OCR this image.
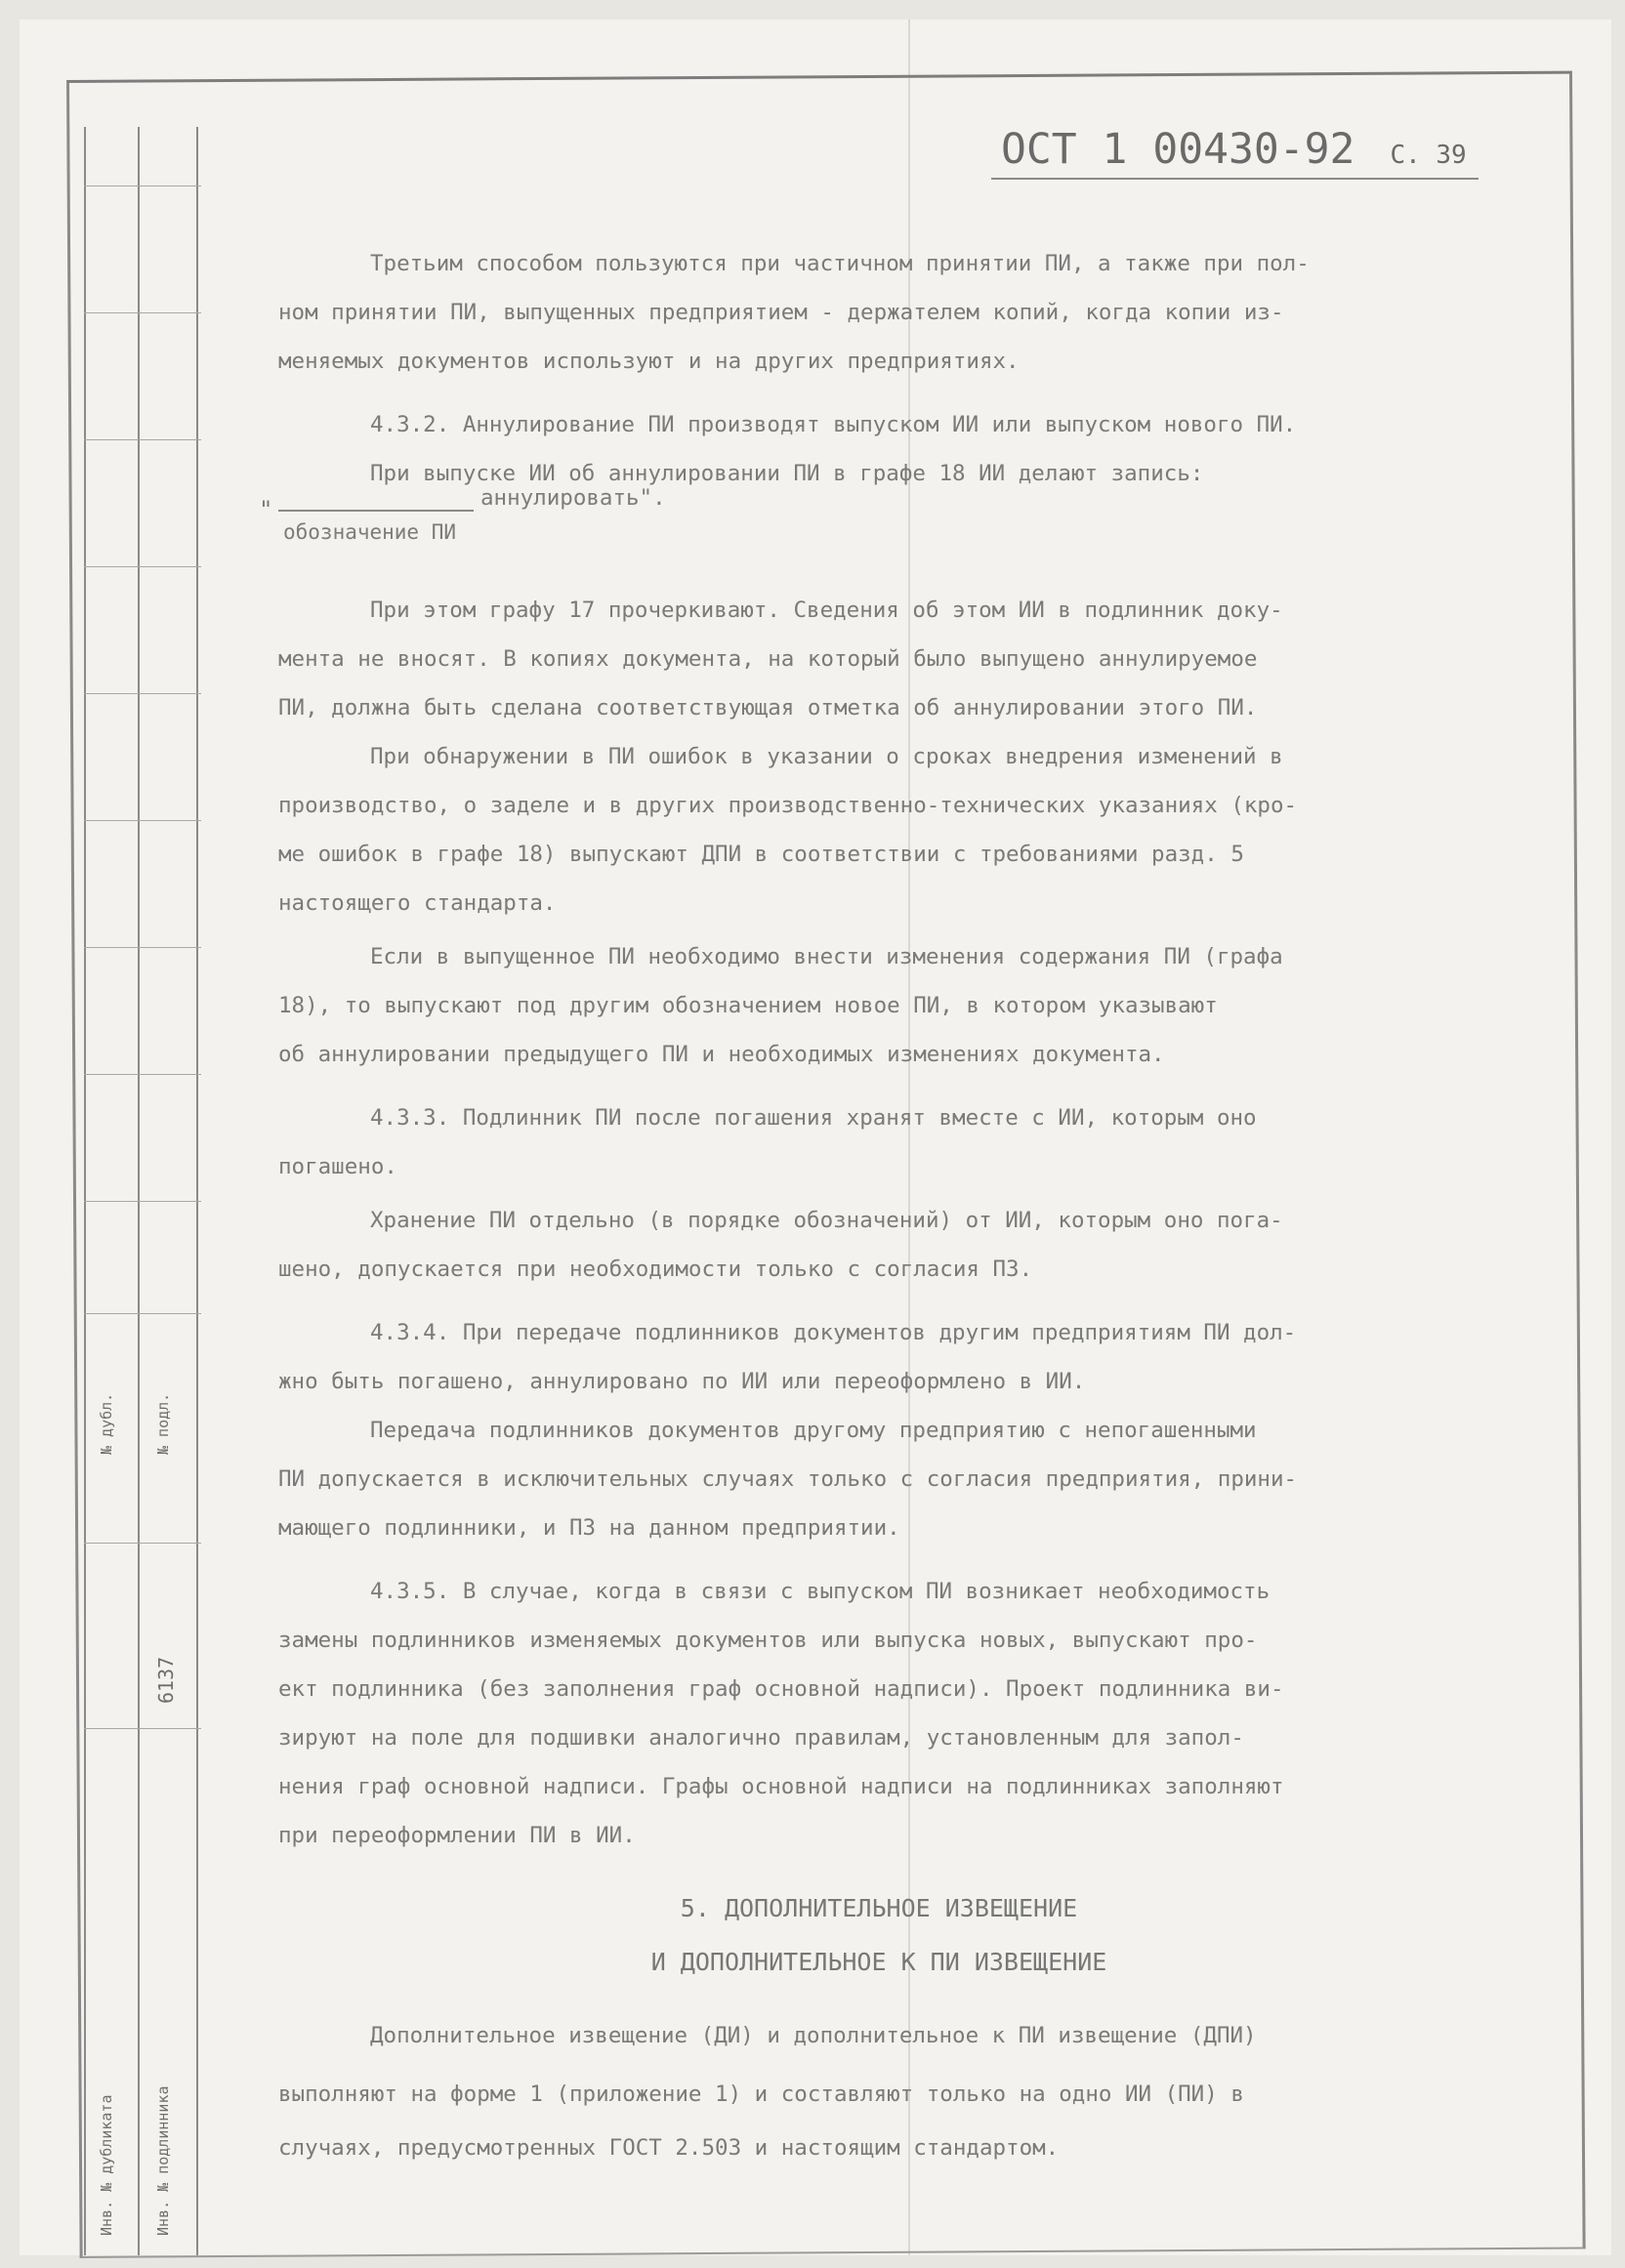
№ дубл.	№ подл.
6137
Инв. № дубликата	Инв. № подлинника
ОСТ 1 00430-92 С. 39
Третьим способом пользуются при частичном принятии ПИ, а также при пол-
ном принятии ПИ, выпущенных предприятием - держателем копий, когда копии из-
меняемых документов используют и на других предприятиях.
4.3.2. Аннулирование ПИ производят выпуском ИИ или выпуском нового ПИ.
При выпуске ИИ об аннулировании ПИ в графе 18 ИИ делают запись:
"	аннулировать".
обозначение ПИ
При этом графу 17 прочеркивают. Сведения об этом ИИ в подлинник доку-
мента не вносят. В копиях документа, на который было выпущено аннулируемое
ПИ, должна быть сделана соответствующая отметка об аннулировании этого ПИ.
При обнаружении в ПИ ошибок в указании о сроках внедрения изменений в
производство, о заделе и в других производственно-технических указаниях (кро-
ме ошибок в графе 18) выпускают ДПИ в соответствии с требованиями разд. 5
настоящего стандарта.
Если в выпущенное ПИ необходимо внести изменения содержания ПИ (графа
18), то выпускают под другим обозначением новое ПИ, в котором указывают
об аннулировании предыдущего ПИ и необходимых изменениях документа.
4.3.3. Подлинник ПИ после погашения хранят вместе с ИИ, которым оно
погашено.
Хранение ПИ отдельно (в порядке обозначений) от ИИ, которым оно пога-
шено, допускается при необходимости только с согласия ПЗ.
4.3.4. При передаче подлинников документов другим предприятиям ПИ дол-
жно быть погашено, аннулировано по ИИ или переоформлено в ИИ.
Передача подлинников документов другому предприятию с непогашенными
ПИ допускается в исключительных случаях только с согласия предприятия, прини-
мающего подлинники, и ПЗ на данном предприятии.
4.3.5. В случае, когда в связи с выпуском ПИ возникает необходимость
замены подлинников изменяемых документов или выпуска новых, выпускают про-
ект подлинника (без заполнения граф основной надписи). Проект подлинника ви-
зируют на поле для подшивки аналогично правилам, установленным для запол-
нения граф основной надписи. Графы основной надписи на подлинниках заполняют
при переоформлении ПИ в ИИ.
5. ДОПОЛНИТЕЛЬНОЕ ИЗВЕЩЕНИЕ
И ДОПОЛНИТЕЛЬНОЕ К ПИ ИЗВЕЩЕНИЕ
Дополнительное извещение (ДИ) и дополнительное к ПИ извещение (ДПИ)
выполняют на форме 1 (приложение 1) и составляют только на одно ИИ (ПИ) в
случаях, предусмотренных ГОСТ 2.503 и настоящим стандартом.
